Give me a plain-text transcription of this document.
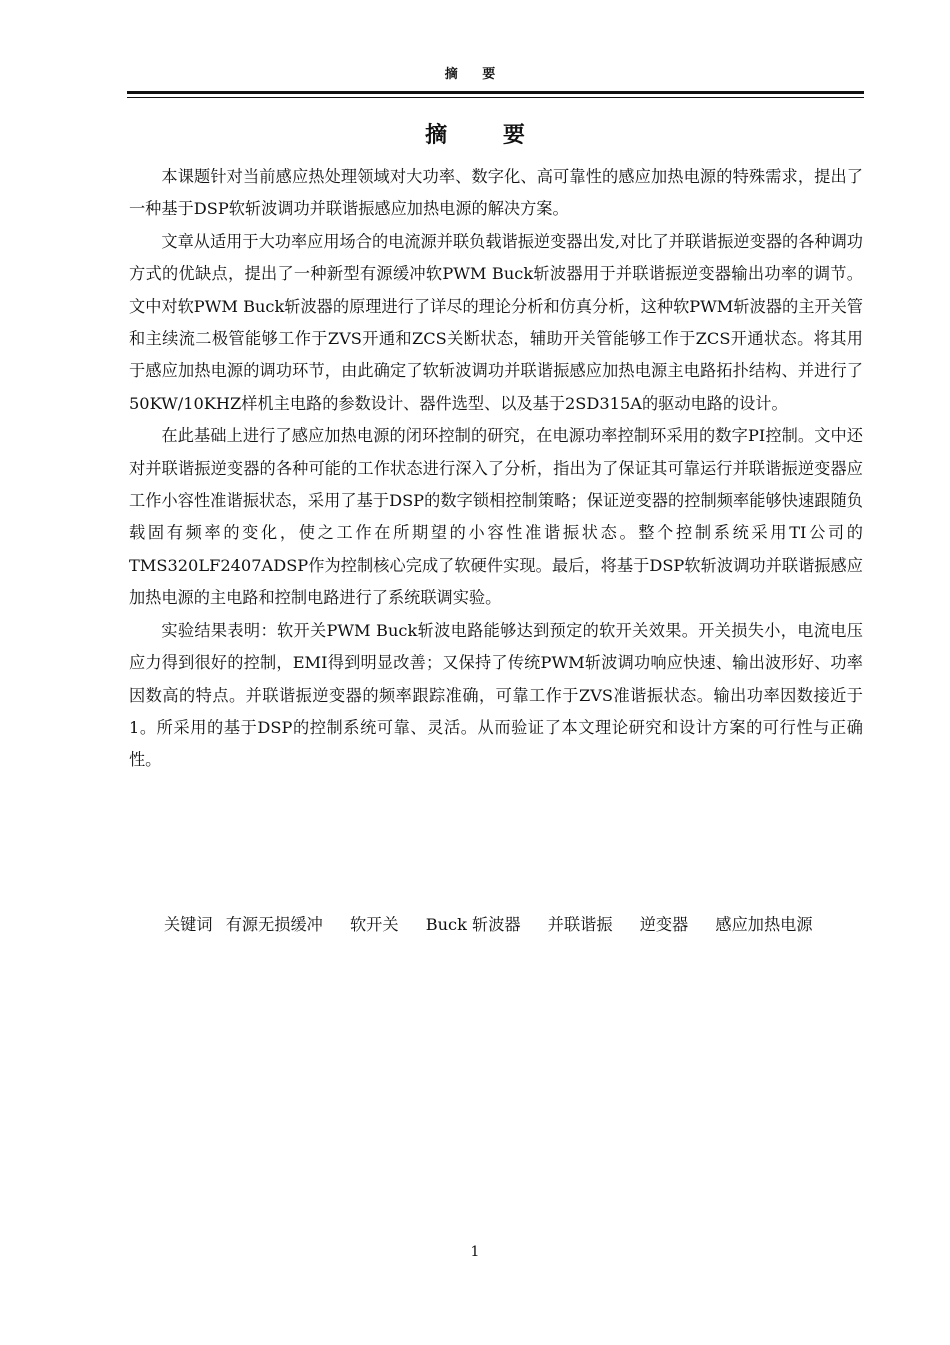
摘 要
摘 要

本课题针对当前感应热处理领域对大功率、数字化、高可靠性的感应加热电源的特殊需求，提出了一种基于DSP软斩波调功并联谐振感应加热电源的解决方案。

文章从适用于大功率应用场合的电流源并联负载谐振逆变器出发,对比了并联谐振逆变器的各种调功方式的优缺点，提出了一种新型有源缓冲软PWM Buck斩波器用于并联谐振逆变器输出功率的调节。文中对软PWM Buck斩波器的原理进行了详尽的理论分析和仿真分析，这种软PWM斩波器的主开关管和主续流二极管能够工作于ZVS开通和ZCS关断状态，辅助开关管能够工作于ZCS开通状态。将其用于感应加热电源的调功环节，由此确定了软斩波调功并联谐振感应加热电源主电路拓扑结构、并进行了50KW/10KHZ样机主电路的参数设计、器件选型、以及基于2SD315A的驱动电路的设计。

在此基础上进行了感应加热电源的闭环控制的研究，在电源功率控制环采用的数字PI控制。文中还对并联谐振逆变器的各种可能的工作状态进行深入了分析，指出为了保证其可靠运行并联谐振逆变器应工作小容性准谐振状态，采用了基于DSP的数字锁相控制策略；保证逆变器的控制频率能够快速跟随负载固有频率的变化，使之工作在所期望的小容性准谐振状态。整个控制系统采用TI公司的TMS320LF2407ADSP作为控制核心完成了软硬件实现。最后，将基于DSP软斩波调功并联谐振感应加热电源的主电路和控制电路进行了系统联调实验。

实验结果表明：软开关PWM Buck斩波电路能够达到预定的软开关效果。开关损失小，电流电压应力得到很好的控制，EMI得到明显改善；又保持了传统PWM斩波调功响应快速、输出波形好、功率因数高的特点。并联谐振逆变器的频率跟踪准确，可靠工作于ZVS准谐振状态。输出功率因数接近于1。所采用的基于DSP的控制系统可靠、灵活。从而验证了本文理论研究和设计方案的可行性与正确性。

关键词 有源无损缓冲 软开关 Buck 斩波器 并联谐振 逆变器 感应加热电源
1
